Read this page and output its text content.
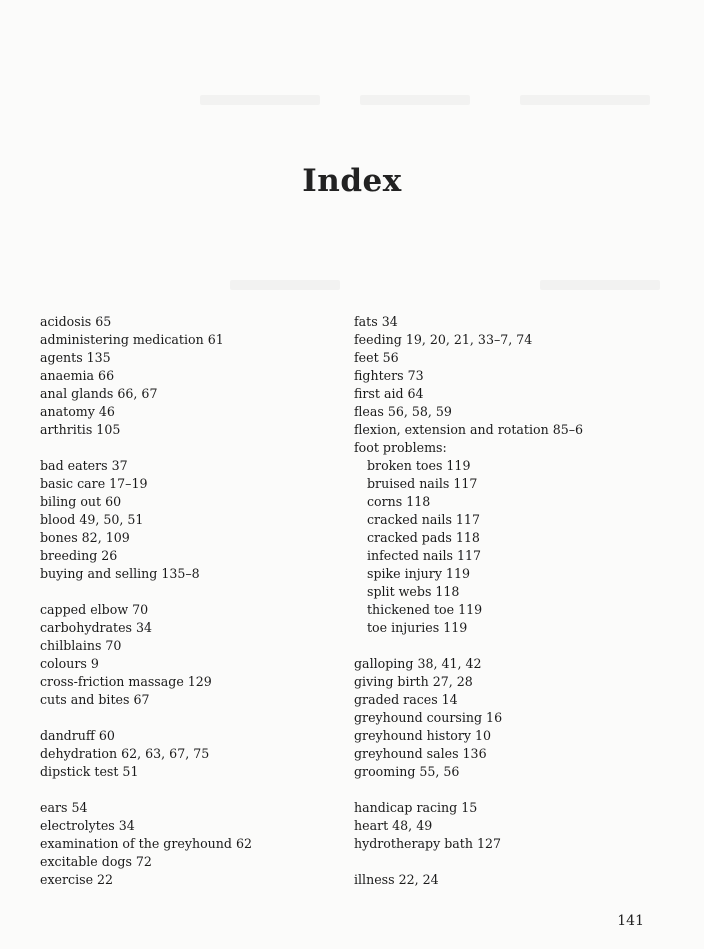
Index
acidosis 65
administering medication 61
agents 135
anaemia 66
anal glands 66, 67
anatomy 46
arthritis 105
bad eaters 37
basic care 17–19
biling out 60
blood 49, 50, 51
bones 82, 109
breeding 26
buying and selling 135–8
capped elbow 70
carbohydrates 34
chilblains 70
colours 9
cross-friction massage 129
cuts and bites 67
dandruff 60
dehydration 62, 63, 67, 75
dipstick test 51
ears 54
electrolytes 34
examination of the greyhound 62
excitable dogs 72
exercise 22
fats 34
feeding 19, 20, 21, 33–7, 74
feet 56
fighters 73
first aid 64
fleas 56, 58, 59
flexion, extension and rotation 85–6
foot problems:
broken toes 119
bruised nails 117
corns 118
cracked nails 117
cracked pads 118
infected nails 117
spike injury 119
split webs 118
thickened toe 119
toe injuries 119
galloping 38, 41, 42
giving birth 27, 28
graded races 14
greyhound coursing 16
greyhound history 10
greyhound sales 136
grooming 55, 56
handicap racing 15
heart 48, 49
hydrotherapy bath 127
illness 22, 24
141
